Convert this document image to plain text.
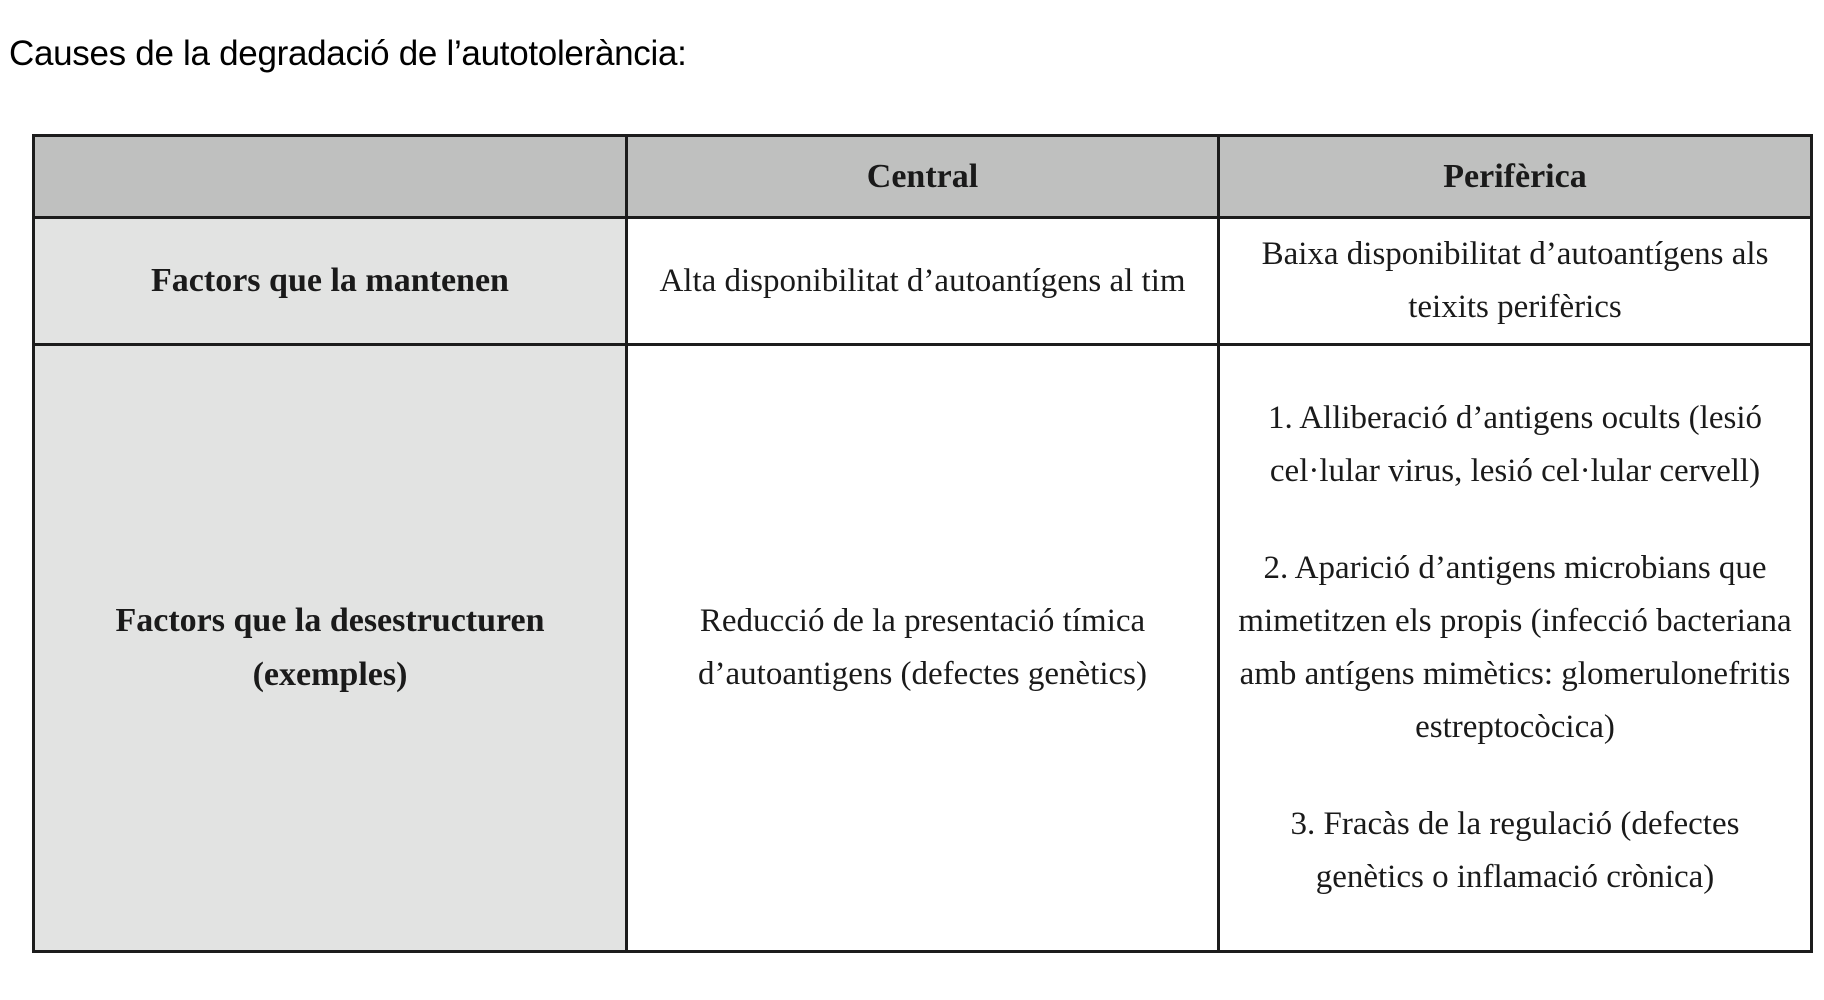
Causes de la degradació de l’autotolerància:
	Central	Perifèrica
Factors que la mantenen	Alta disponibilitat d’autoantígens al tim	Baixa disponibilitat d’autoantígens als teixits perifèrics
Factors que la desestructuren (exemples)	Reducció de la presentació tímica d’autoantigens (defectes genètics)	1. Alliberació d’antigens ocults (lesió cel·lular virus, lesió cel·lular cervell)
2. Aparició d’antigens microbians que mimetitzen els propis (infecció bacteriana amb antígens mimètics: glomerulonefritis estreptocòcica)
3. Fracàs de la regulació (defectes genètics o inflamació crònica)
